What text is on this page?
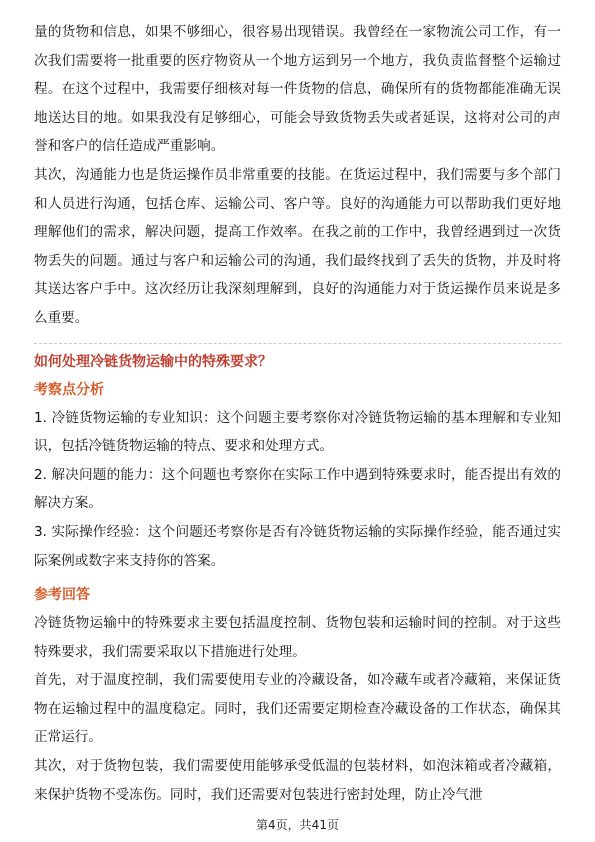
量的货物和信息，如果不够细心，很容易出现错误。我曾经在一家物流公司工作，有一次我们需要将一批重要的医疗物资从一个地方运到另一个地方，我负责监督整个运输过程。在这个过程中，我需要仔细核对每一件货物的信息，确保所有的货物都能准确无误地送达目的地。如果我没有足够细心，可能会导致货物丢失或者延误，这将对公司的声誉和客户的信任造成严重影响。

其次，沟通能力也是货运操作员非常重要的技能。在货运过程中，我们需要与多个部门和人员进行沟通，包括仓库、运输公司、客户等。良好的沟通能力可以帮助我们更好地理解他们的需求，解决问题，提高工作效率。在我之前的工作中，我曾经遇到过一次货物丢失的问题。通过与客户和运输公司的沟通，我们最终找到了丢失的货物，并及时将其送达客户手中。这次经历让我深刻理解到，良好的沟通能力对于货运操作员来说是多么重要。

如何处理冷链货物运输中的特殊要求？

考察点分析

1. 冷链货物运输的专业知识：这个问题主要考察你对冷链货物运输的基本理解和专业知识，包括冷链货物运输的特点、要求和处理方式。

2. 解决问题的能力：这个问题也考察你在实际工作中遇到特殊要求时，能否提出有效的解决方案。

3. 实际操作经验：这个问题还考察你是否有冷链货物运输的实际操作经验，能否通过实际案例或数字来支持你的答案。

参考回答

冷链货物运输中的特殊要求主要包括温度控制、货物包装和运输时间的控制。对于这些特殊要求，我们需要采取以下措施进行处理。

首先，对于温度控制，我们需要使用专业的冷藏设备，如冷藏车或者冷藏箱，来保证货物在运输过程中的温度稳定。同时，我们还需要定期检查冷藏设备的工作状态，确保其正常运行。

其次，对于货物包装，我们需要使用能够承受低温的包装材料，如泡沫箱或者冷藏箱，来保护货物不受冻伤。同时，我们还需要对包装进行密封处理，防止冷气泄

第4页，共41页
